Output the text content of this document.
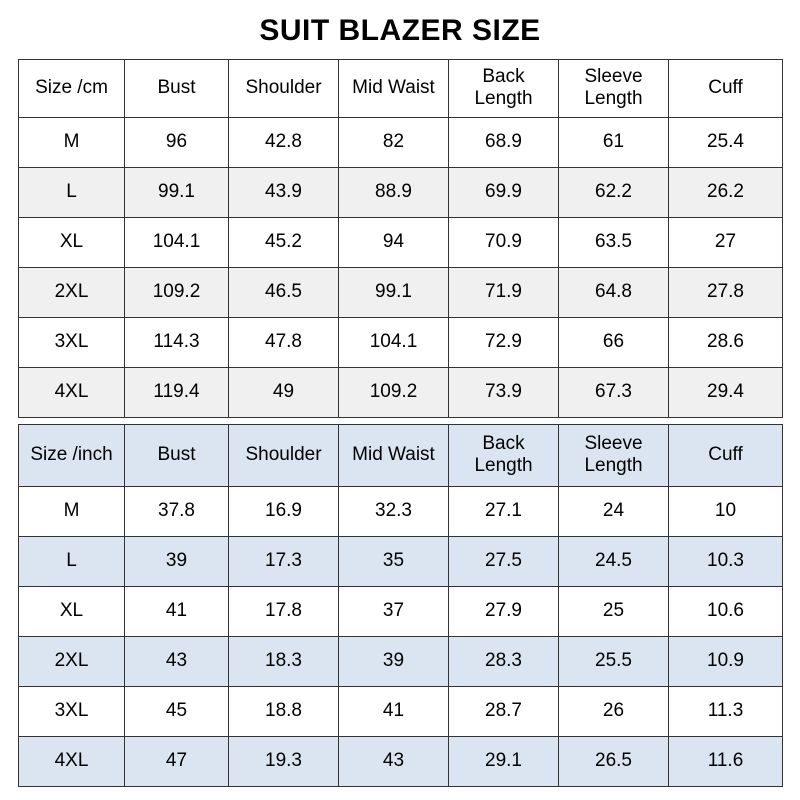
SUIT BLAZER SIZE
Size /cm	Bust	Shoulder	Mid Waist	Back Length	Sleeve Length	Cuff
M	96	42.8	82	68.9	61	25.4
L	99.1	43.9	88.9	69.9	62.2	26.2
XL	104.1	45.2	94	70.9	63.5	27
2XL	109.2	46.5	99.1	71.9	64.8	27.8
3XL	114.3	47.8	104.1	72.9	66	28.6
4XL	119.4	49	109.2	73.9	67.3	29.4
Size /inch	Bust	Shoulder	Mid Waist	Back Length	Sleeve Length	Cuff
M	37.8	16.9	32.3	27.1	24	10
L	39	17.3	35	27.5	24.5	10.3
XL	41	17.8	37	27.9	25	10.6
2XL	43	18.3	39	28.3	25.5	10.9
3XL	45	18.8	41	28.7	26	11.3
4XL	47	19.3	43	29.1	26.5	11.6
